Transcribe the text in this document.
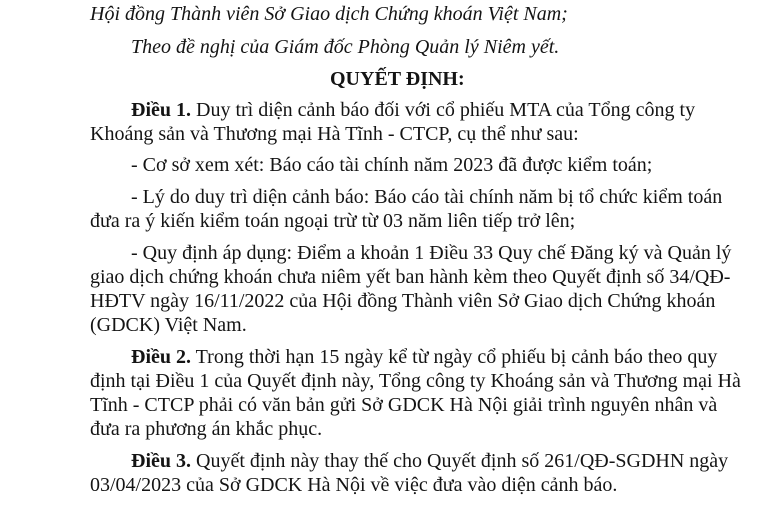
Hội đồng Thành viên Sở Giao dịch Chứng khoán Việt Nam;
Theo đề nghị của Giám đốc Phòng Quản lý Niêm yết.
QUYẾT ĐỊNH:
Điều 1. Duy trì diện cảnh báo đối với cổ phiếu MTA của Tổng công ty
Khoáng sản và Thương mại Hà Tĩnh - CTCP, cụ thể như sau:
- Cơ sở xem xét: Báo cáo tài chính năm 2023 đã được kiểm toán;
- Lý do duy trì diện cảnh báo: Báo cáo tài chính năm bị tổ chức kiểm toán
đưa ra ý kiến kiểm toán ngoại trừ từ 03 năm liên tiếp trở lên;
- Quy định áp dụng: Điểm a khoản 1 Điều 33 Quy chế Đăng ký và Quản lý
giao dịch chứng khoán chưa niêm yết ban hành kèm theo Quyết định số 34/QĐ-
HĐTV ngày 16/11/2022 của Hội đồng Thành viên Sở Giao dịch Chứng khoán
(GDCK) Việt Nam.
Điều 2. Trong thời hạn 15 ngày kể từ ngày cổ phiếu bị cảnh báo theo quy
định tại Điều 1 của Quyết định này, Tổng công ty Khoáng sản và Thương mại Hà
Tĩnh - CTCP phải có văn bản gửi Sở GDCK Hà Nội giải trình nguyên nhân và
đưa ra phương án khắc phục.
Điều 3. Quyết định này thay thế cho Quyết định số 261/QĐ-SGDHN ngày
03/04/2023 của Sở GDCK Hà Nội về việc đưa vào diện cảnh báo.
